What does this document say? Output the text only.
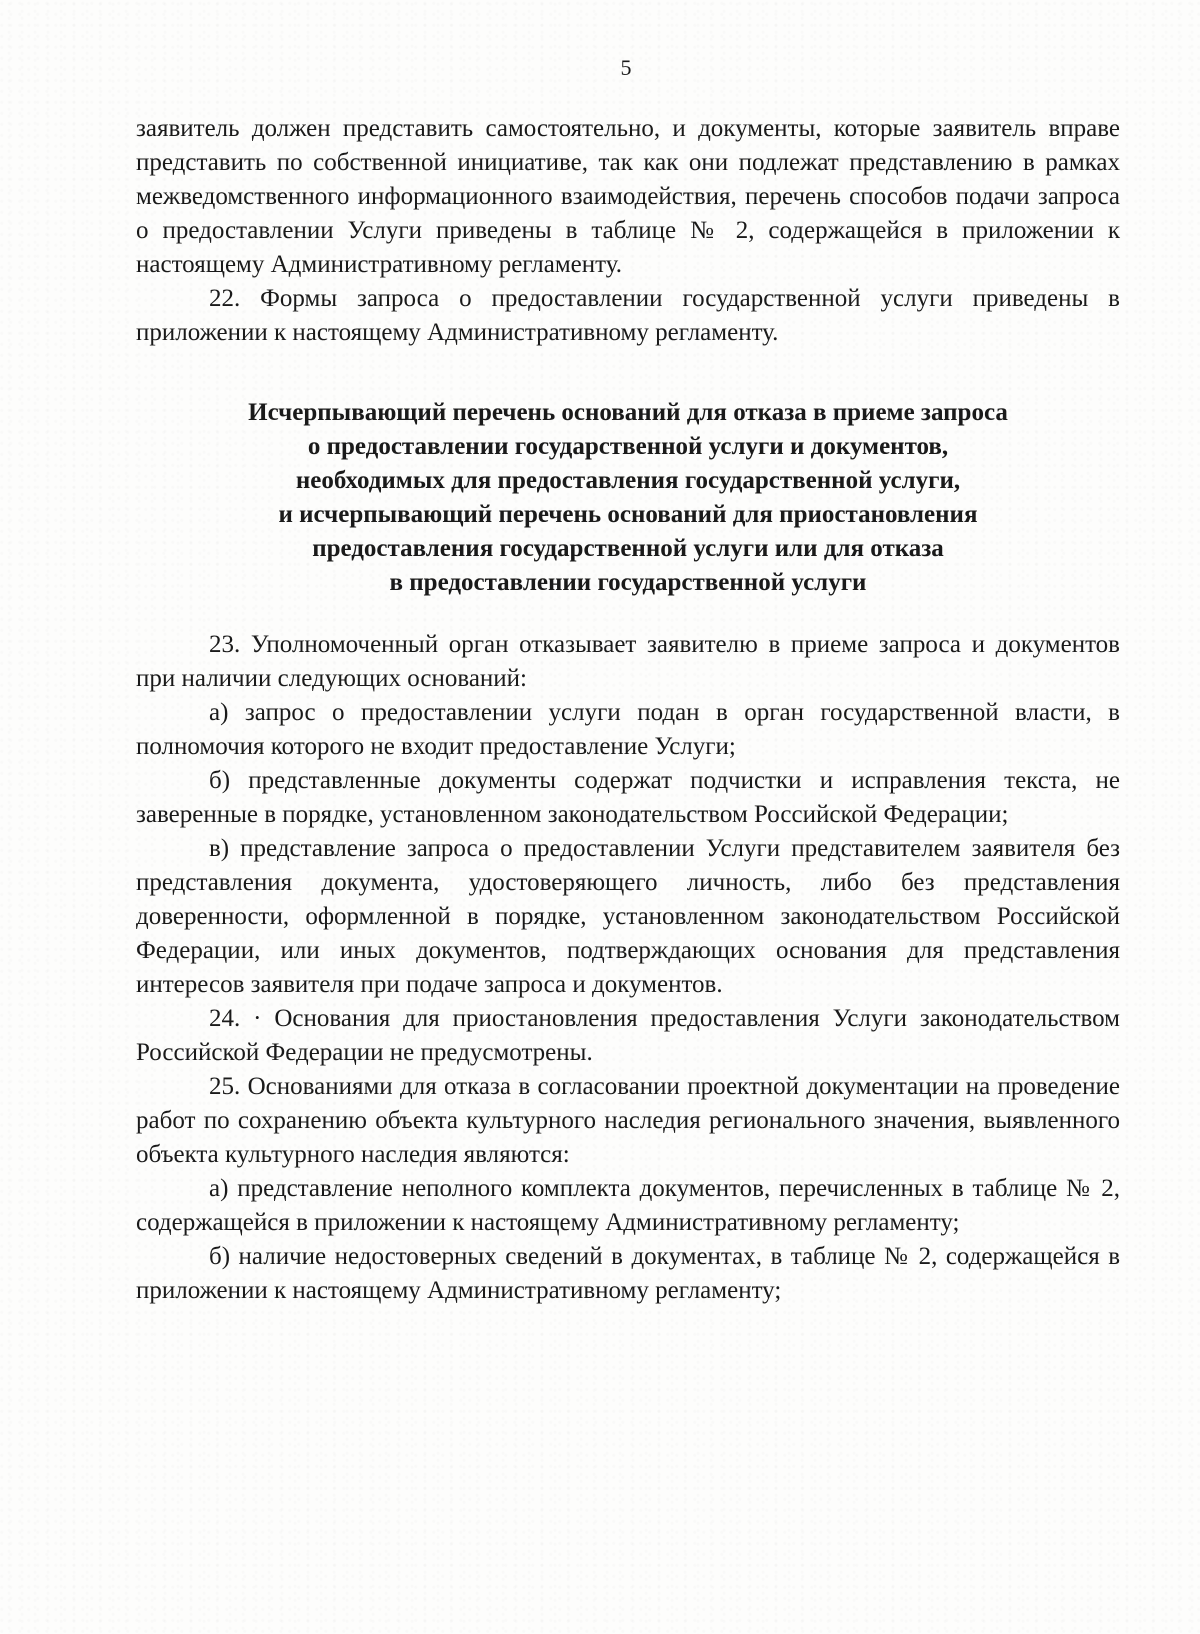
5

заявитель должен представить самостоятельно, и документы, которые заявитель вправе представить по собственной инициативе, так как они подлежат представлению в рамках межведомственного информационного взаимодействия, перечень способов подачи запроса о предоставлении Услуги приведены в таблице № 2, содержащейся в приложении к настоящему Административному регламенту.

22. Формы запроса о предоставлении государственной услуги приведены в приложении к настоящему Административному регламенту.

Исчерпывающий перечень оснований для отказа в приеме запроса
о предоставлении государственной услуги и документов,
необходимых для предоставления государственной услуги,
и исчерпывающий перечень оснований для приостановления
предоставления государственной услуги или для отказа
в предоставлении государственной услуги

23. Уполномоченный орган отказывает заявителю в приеме запроса и документов при наличии следующих оснований:

а) запрос о предоставлении услуги подан в орган государственной власти, в полномочия которого не входит предоставление Услуги;

б) представленные документы содержат подчистки и исправления текста, не заверенные в порядке, установленном законодательством Российской Федерации;

в) представление запроса о предоставлении Услуги представителем заявителя без представления документа, удостоверяющего личность, либо без представления доверенности, оформленной в порядке, установленном законодательством Российской Федерации, или иных документов, подтверждающих основания для представления интересов заявителя при подаче запроса и документов.

24. · Основания для приостановления предоставления Услуги законодательством Российской Федерации не предусмотрены.

25. Основаниями для отказа в согласовании проектной документации на проведение работ по сохранению объекта культурного наследия регионального значения, выявленного объекта культурного наследия являются:

а) представление неполного комплекта документов, перечисленных в таблице № 2, содержащейся в приложении к настоящему Административному регламенту;

б) наличие недостоверных сведений в документах, в таблице № 2, содержащейся в приложении к настоящему Административному регламенту;
